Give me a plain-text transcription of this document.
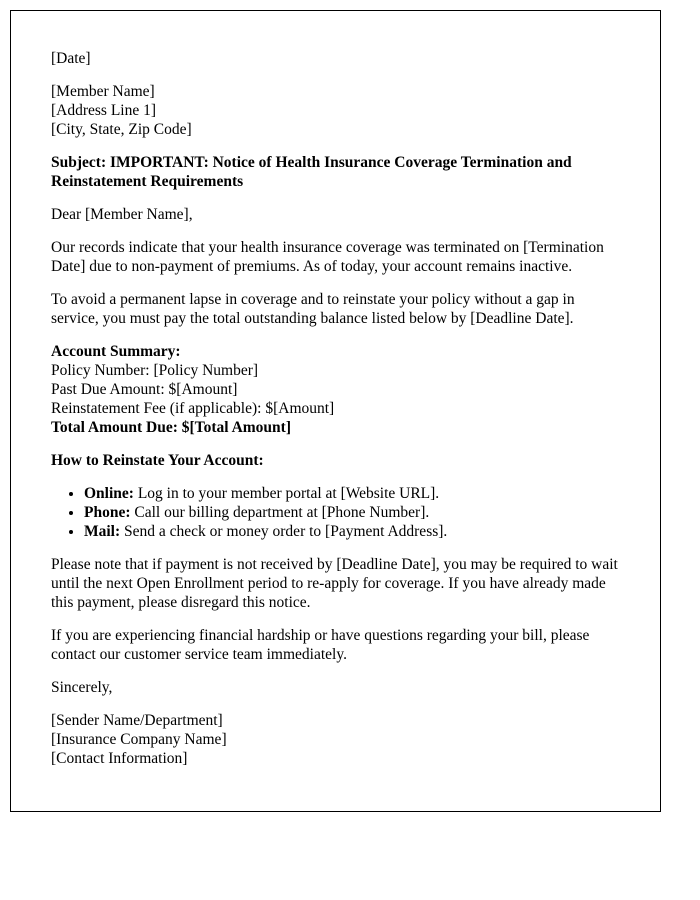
[Date]

[Member Name]

[Address Line 1]

[City, State, Zip Code]

Subject: IMPORTANT: Notice of Health Insurance Coverage Termination and Reinstatement Requirements

Dear [Member Name],

Our records indicate that your health insurance coverage was terminated on [Termination Date] due to non-payment of premiums. As of today, your account remains inactive.

To avoid a permanent lapse in coverage and to reinstate your policy without a gap in service, you must pay the total outstanding balance listed below by [Deadline Date].

Account Summary:

Policy Number: [Policy Number]

Past Due Amount: $[Amount]

Reinstatement Fee (if applicable): $[Amount]

Total Amount Due: $[Total Amount]

How to Reinstate Your Account:

• Online: Log in to your member portal at [Website URL].
• Phone: Call our billing department at [Phone Number].
• Mail: Send a check or money order to [Payment Address].

Please note that if payment is not received by [Deadline Date], you may be required to wait until the next Open Enrollment period to re-apply for coverage. If you have already made this payment, please disregard this notice.

If you are experiencing financial hardship or have questions regarding your bill, please contact our customer service team immediately.

Sincerely,

[Sender Name/Department]

[Insurance Company Name]

[Contact Information]
